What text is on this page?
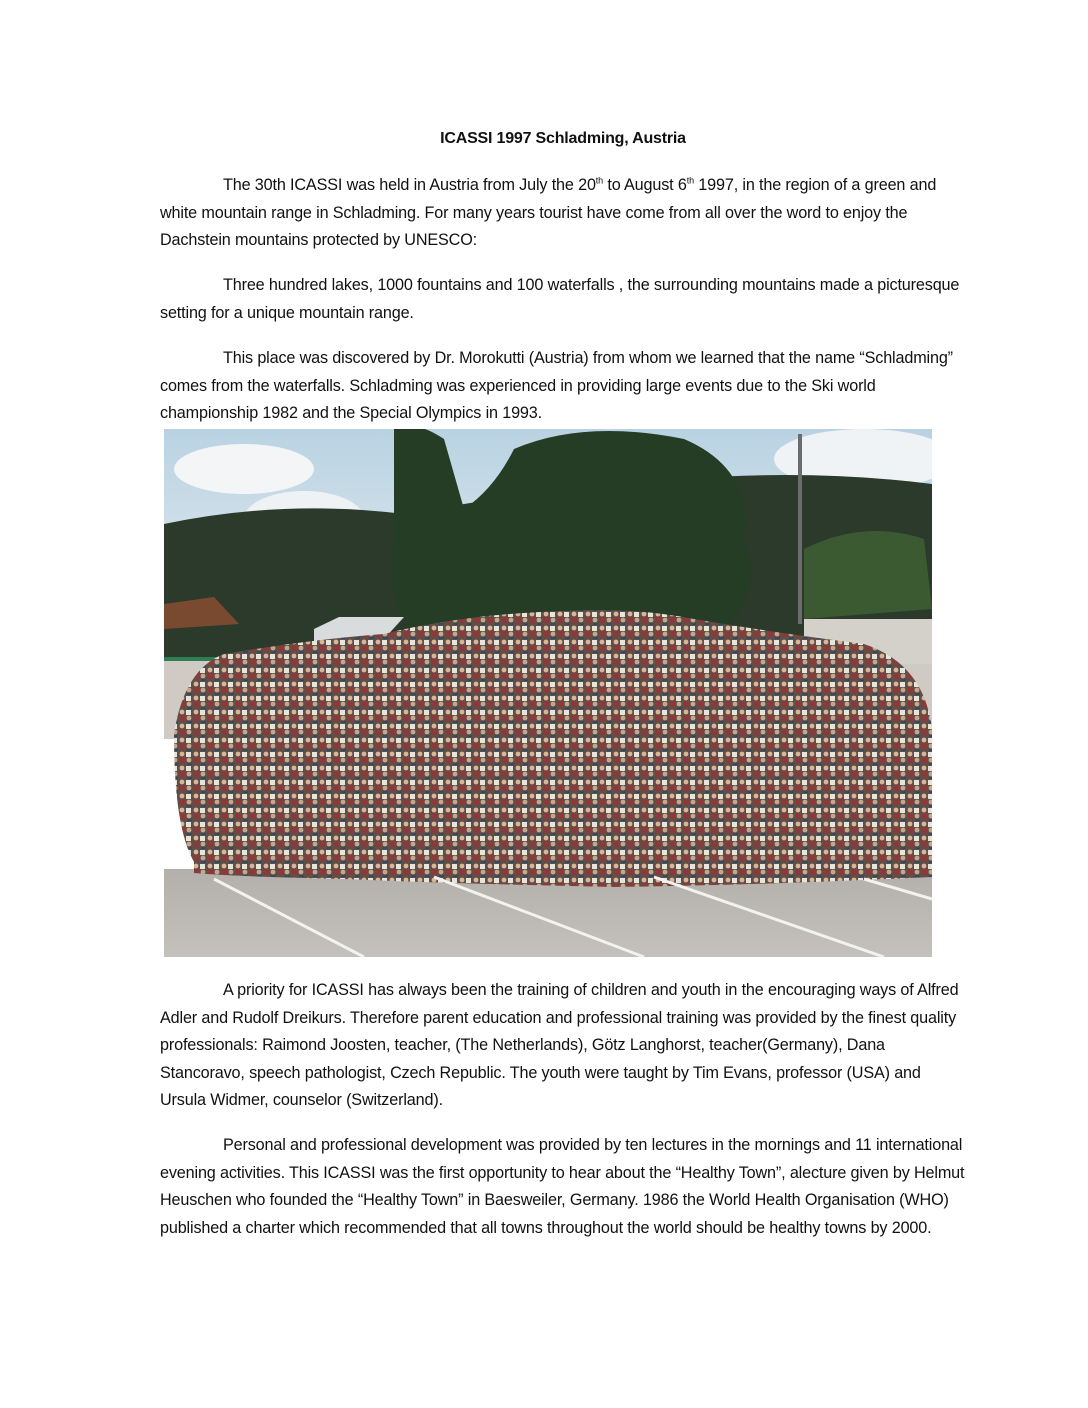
ICASSI 1997 Schladming, Austria

The 30th ICASSI was held in Austria from July the 20th to August 6th 1997, in the region of a green and white mountain range in Schladming. For many years tourist have come from all over the word to enjoy the Dachstein mountains protected by UNESCO:

Three hundred lakes, 1000 fountains and 100 waterfalls , the surrounding mountains made a picturesque setting for a unique mountain range.

This place was discovered by Dr. Morokutti (Austria) from whom we learned that the name “Schladming” comes from the waterfalls. Schladming was experienced in providing large events due to the Ski world championship 1982 and the Special Olympics in 1993.

A priority for ICASSI has always been the training of children and youth in the encouraging ways of Alfred Adler and Rudolf Dreikurs. Therefore parent education and professional training was provided by the finest quality professionals: Raimond Joosten, teacher, (The Netherlands), Götz Langhorst, teacher(Germany), Dana Stancoravo, speech pathologist, Czech Republic. The youth were taught by Tim Evans, professor (USA) and Ursula Widmer, counselor (Switzerland).

Personal and professional development was provided by ten lectures in the mornings and 11 international evening activities. This ICASSI was the first opportunity to hear about the “Healthy Town”, alecture given by Helmut Heuschen who founded the “Healthy Town” in Baesweiler, Germany. 1986 the World Health Organisation (WHO) published a charter which recommended that all towns throughout the world should be healthy towns by 2000.
